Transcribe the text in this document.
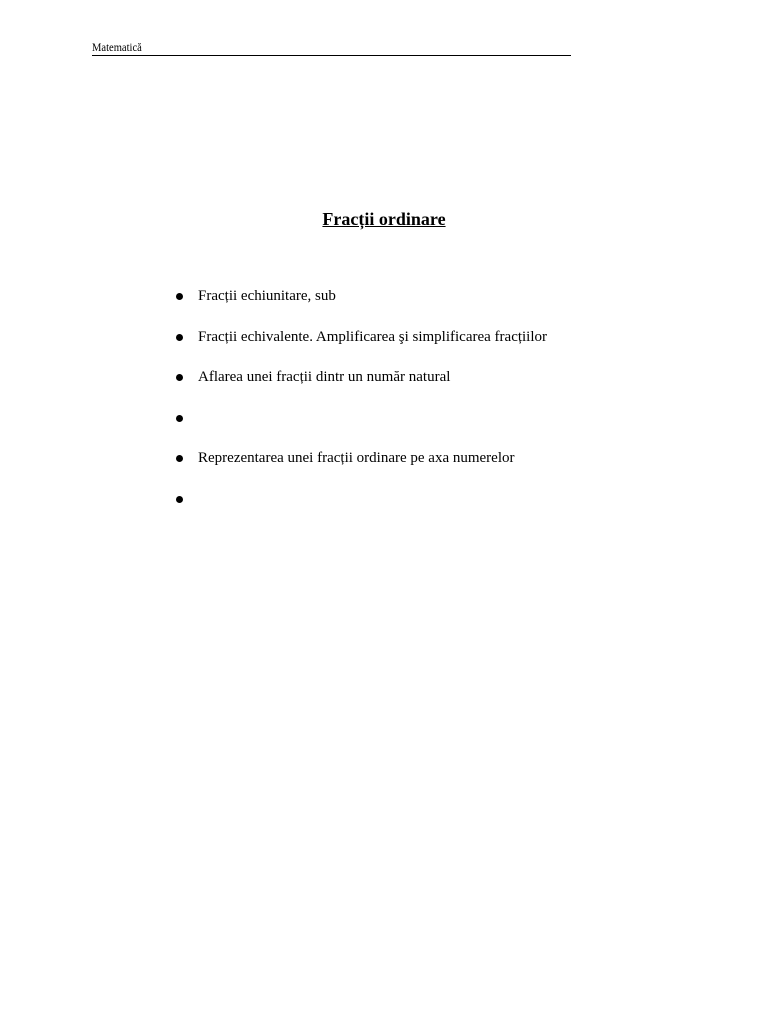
Matematică
Fracții ordinare
Fracții echiunitare, sub
Fracții echivalente. Amplificarea şi simplificarea fracțiilor
Aflarea unei fracții dintr un număr natural
Reprezentarea unei fracții ordinare pe axa numerelor
